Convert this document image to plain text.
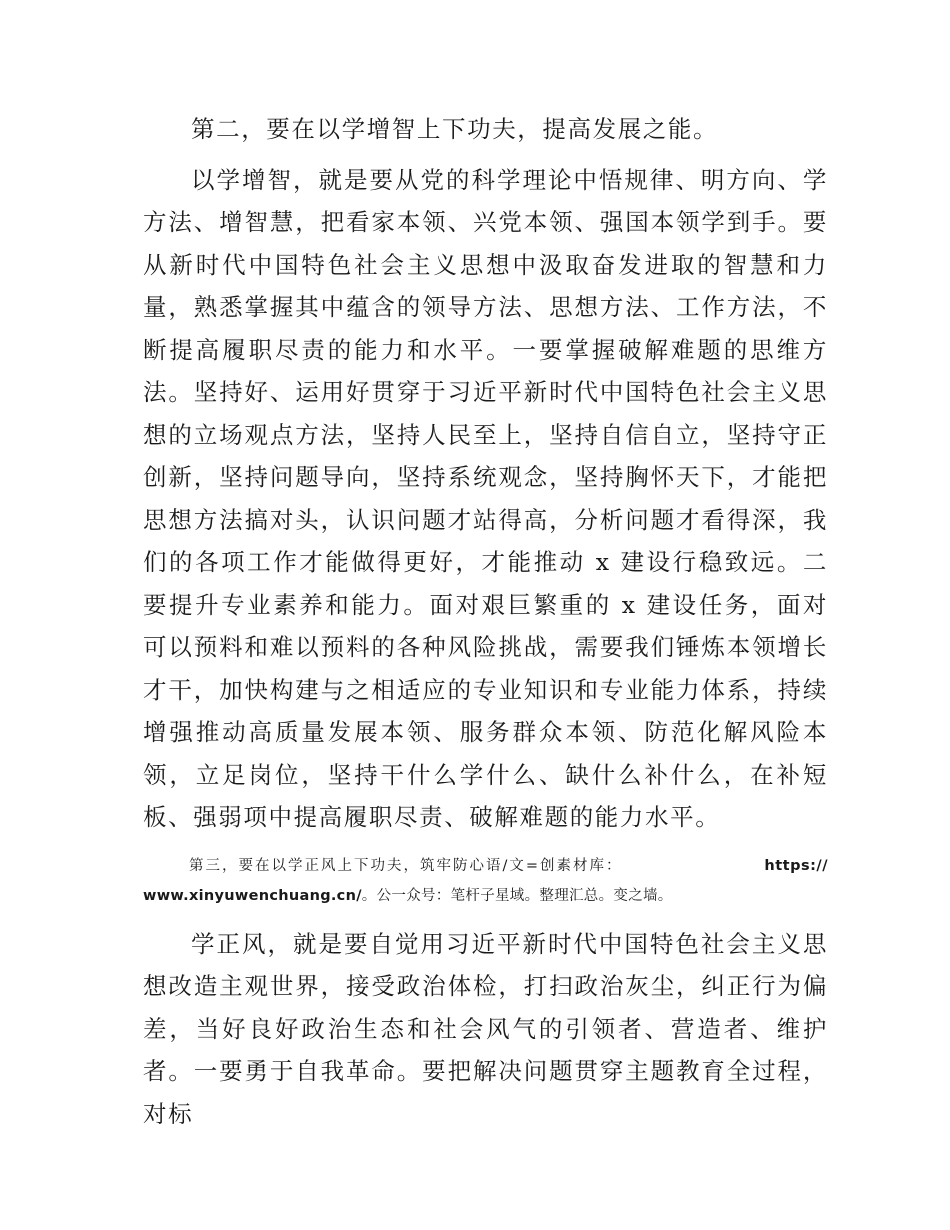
第二，要在以学增智上下功夫，提高发展之能。

以学增智，就是要从党的科学理论中悟规律、明方向、学方法、增智慧，把看家本领、兴党本领、强国本领学到手。要从新时代中国特色社会主义思想中汲取奋发进取的智慧和力量，熟悉掌握其中蕴含的领导方法、思想方法、工作方法，不断提高履职尽责的能力和水平。一要掌握破解难题的思维方法。坚持好、运用好贯穿于习近平新时代中国特色社会主义思想的立场观点方法，坚持人民至上，坚持自信自立，坚持守正创新，坚持问题导向，坚持系统观念，坚持胸怀天下，才能把思想方法搞对头，认识问题才站得高，分析问题才看得深，我们的各项工作才能做得更好，才能推动 x 建设行稳致远。二要提升专业素养和能力。面对艰巨繁重的 x 建设任务，面对可以预料和难以预料的各种风险挑战，需要我们锤炼本领增长才干，加快构建与之相适应的专业知识和专业能力体系，持续增强推动高质量发展本领、服务群众本领、防范化解风险本领，立足岗位，坚持干什么学什么、缺什么补什么，在补短板、强弱项中提高履职尽责、破解难题的能力水平。

第三，要在以学正风上下功夫，筑牢防心语/文=创素材库：	https://
www.xinyuwenchuang.cn/。公一众号：笔杆子星域。整理汇总。变之墙。

学正风，就是要自觉用习近平新时代中国特色社会主义思想改造主观世界，接受政治体检，打扫政治灰尘，纠正行为偏差，当好良好政治生态和社会风气的引领者、营造者、维护者。一要勇于自我革命。要把解决问题贯穿主题教育全过程，对标
